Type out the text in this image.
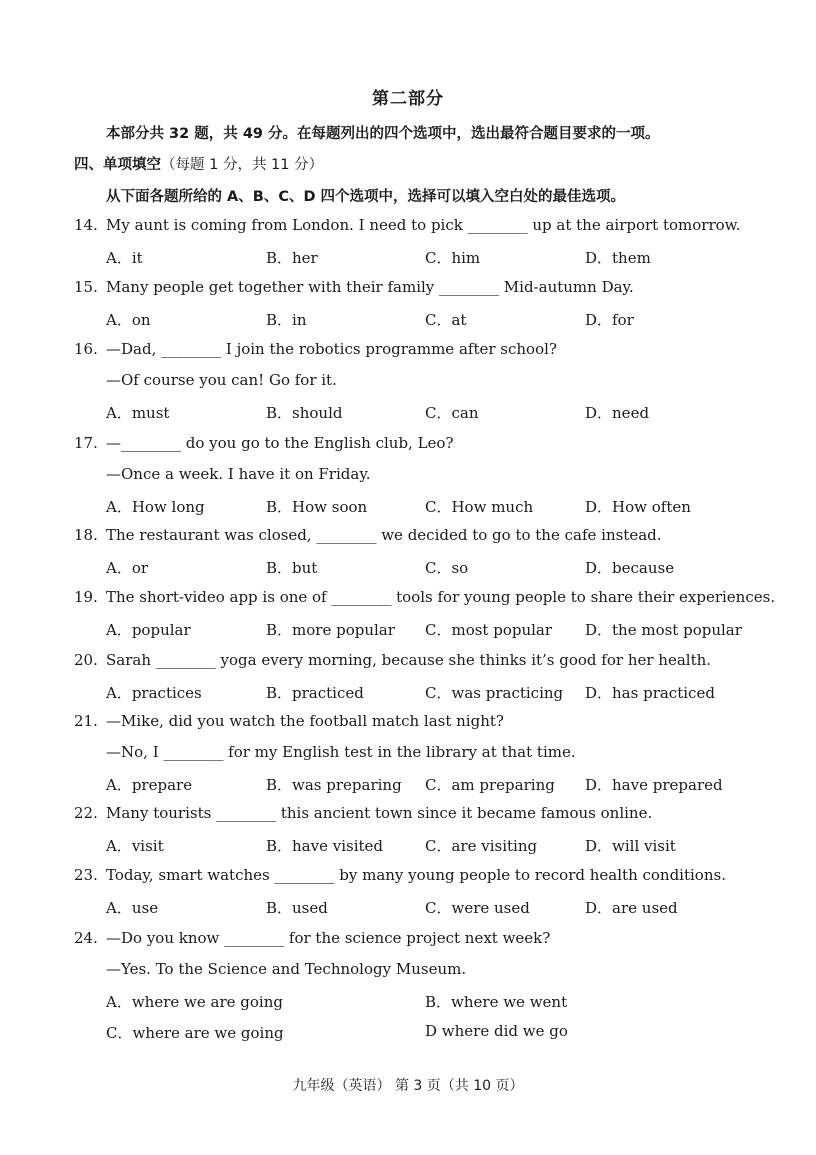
第二部分
本部分共 32 题，共 49 分。在每题列出的四个选项中，选出最符合题目要求的一项。
四、单项填空（每题 1 分，共 11 分）
从下面各题所给的 A、B、C、D 四个选项中，选择可以填入空白处的最佳选项。
14. My aunt is coming from London. I need to pick ________ up at the airport tomorrow.
A．it	B．her	C．him	D．them
15. Many people get together with their family ________ Mid-autumn Day.
A．on	B．in	C．at	D．for
16. —Dad, ________ I join the robotics programme after school?
—Of course you can! Go for it.
A．must	B．should	C．can	D．need
17. —________ do you go to the English club, Leo?
—Once a week. I have it on Friday.
A．How long	B．How soon	C．How much	D．How often
18. The restaurant was closed, ________ we decided to go to the cafe instead.
A．or	B．but	C．so	D．because
19. The short-video app is one of ________ tools for young people to share their experiences.
A．popular	B．more popular C．most popular D．the most popular
20. Sarah ________ yoga every morning, because she thinks it’s good for her health.
A．practices	B．practiced	C．was practicing D．has practiced
21. —Mike, did you watch the football match last night?
—No, I ________ for my English test in the library at that time.
A．prepare	B．was preparing C．am preparing D．have prepared
22. Many tourists ________ this ancient town since it became famous online.
A．visit	B．have visited	C．are visiting	D．will visit
23. Today, smart watches ________ by many young people to record health conditions.
A．use	B．used	C．were used	D．are used
24. —Do you know ________ for the science project next week?
—Yes. To the Science and Technology Museum.
A．where we are going	B．where we went
C．where are we going	D where did we go
九年级（英语） 第 3 页（共 10 页）
